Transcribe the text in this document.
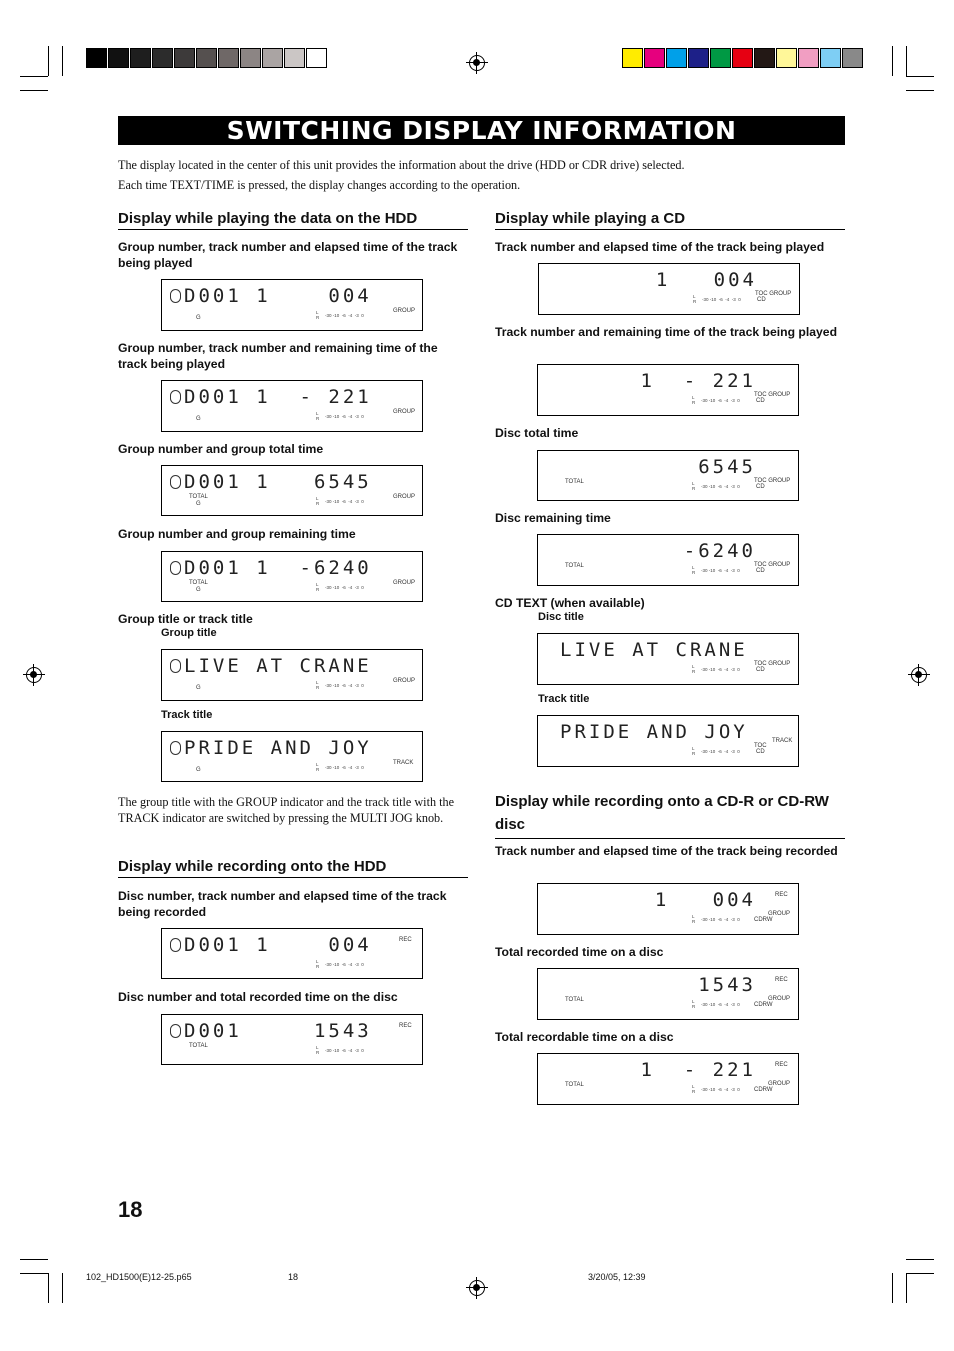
SWITCHING DISPLAY INFORMATION
The display located in the center of this unit provides the information about the drive (HDD or CDR drive) selected.
Each time TEXT/TIME is pressed, the display changes according to the operation.
Display while playing the data on the HDD
Group number, track number and elapsed time of the track being played
D001 1    004
G
GROUP
-30 -10  -6  -4  -3  0
L
R
Group number, track number and remaining time of the track being played
D001 1  - 221
G
GROUP
-30 -10  -6  -4  -3  0
L
R
Group number and group total time
D001 1   6545
G
TOTAL	GROUP
-30 -10  -6  -4  -3  0
L
R
Group number and group remaining time
D001 1  -6240
G
TOTAL	GROUP
-30 -10  -6  -4  -3  0
L
R
Group title or track title
Group title
LIVE AT CRANE
G
GROUP
-30 -10  -6  -4  -3  0
L
R
Track title
PRIDE AND JOY
G
TRACK
-30 -10  -6  -4  -3  0
L
R
The group title with the GROUP indicator and the track title with the TRACK indicator are switched by pressing the MULTI JOG knob.
Display while recording onto the HDD
Disc number, track number and elapsed time of the track being recorded
D001 1    004	REC
-30 -10  -6  -4  -3  0
L
R
Disc number and total recorded time on the disc
D001     1543
TOTAL
REC
-30 -10  -6  -4  -3  0
L
R
Display while playing a CD
Track number and elapsed time of the track being played
1   004
TOC GROUP
CD
-30 -10  -6  -4  -3  0
L
R
Track number and remaining time of the track being played
1  - 221
TOC GROUP
CD
-30 -10  -6  -4  -3  0
L
R
Disc total time
6545
TOTAL	TOC GROUP
CD
-30 -10  -6  -4  -3  0
L
R
Disc remaining time
-6240
TOTAL	TOC GROUP
CD
-30 -10  -6  -4  -3  0
L
R
CD TEXT (when available)
Disc title
LIVE AT CRANE
TOC GROUP
CD
-30 -10  -6  -4  -3  0
L
R
Track title
PRIDE AND JOY
TOC
CD
TRACK
-30 -10  -6  -4  -3  0
L
R
Display while recording onto a CD-R or CD-RW disc
Track number and elapsed time of the track being recorded
1   004	REC
GROUP
CDRW
-30 -10  -6  -4  -3  0
L
R
Total recorded time on a disc
1543
TOTAL
REC
GROUP
CDRW
-30 -10  -6  -4  -3  0
L
R
Total recordable time on a disc
1  - 221
TOTAL
REC
GROUP
CDRW
-30 -10  -6  -4  -3  0
L
R
18
102_HD1500(E)12-25.p65	18	3/20/05, 12:39
